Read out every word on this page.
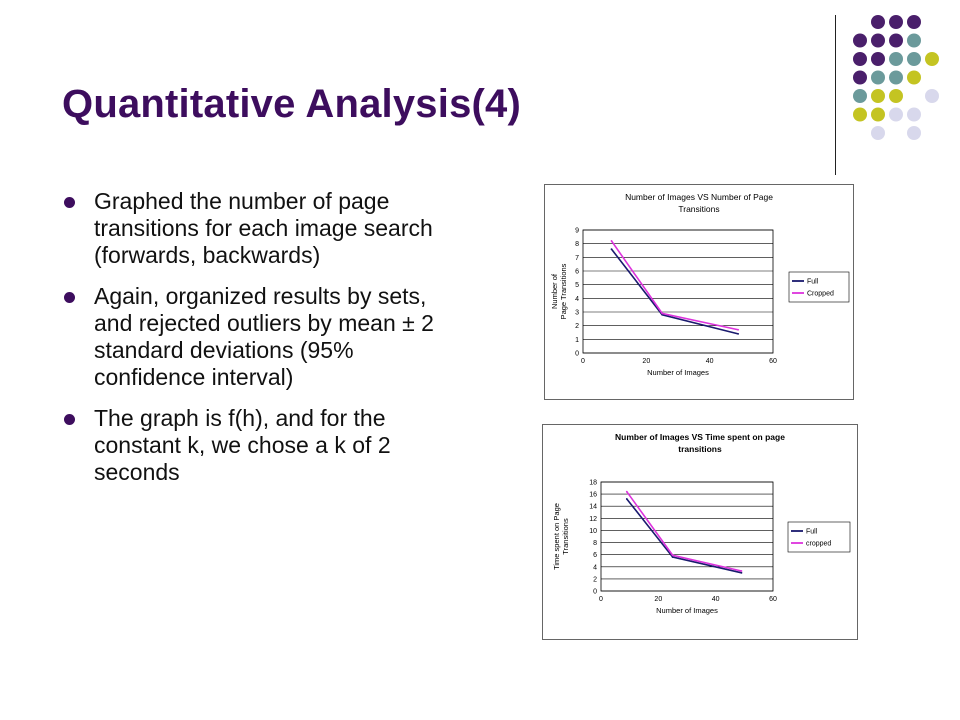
Quantitative Analysis(4)
Graphed the number of page transitions for each image search (forwards, backwards)
Again, organized results by sets, and rejected outliers by mean ± 2 standard deviations (95% confidence interval)
The graph is f(h), and for the constant k, we chose a k of 2 seconds
Number of Images VS Number of Page
Transitions
0
1
2
3
4
5
6
7
8
9
0	20	40	60
Number of Images
Number ofPage Transitions	Full
Cropped
Number of Images VS Time spent on page
transitions
0
2
4
6
8
10
12
14
16
18
0	20	40	60
Number of Images
Time spent on PageTransitions	Full
cropped
